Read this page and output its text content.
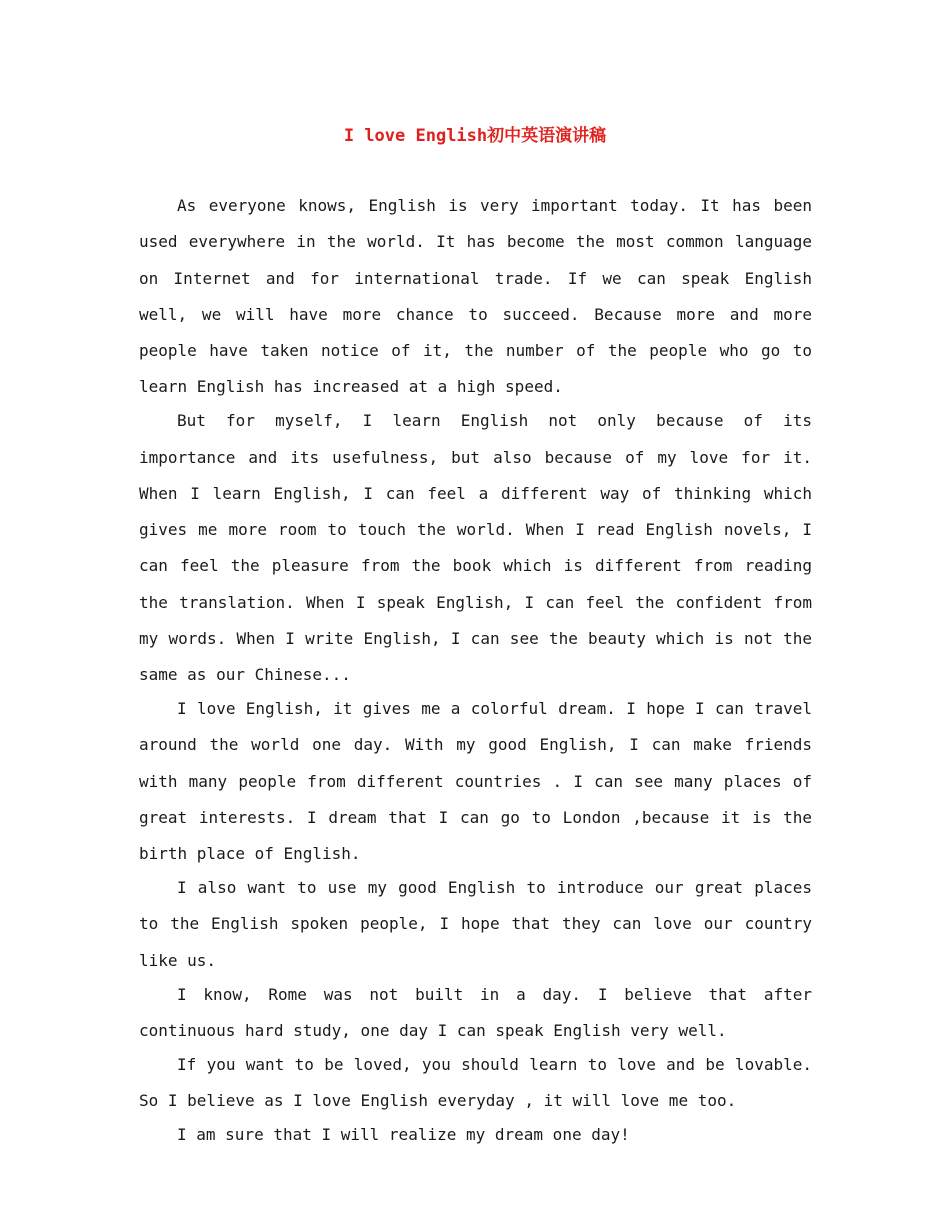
I love English初中英语演讲稿

As everyone knows, English is very important today. It has been used everywhere in the world. It has become the most common language on Internet and for international trade. If we can speak English well, we will have more chance to succeed. Because more and more people have taken notice of it, the number of the people who go to learn English has increased at a high speed.

But for myself, I learn English not only because of its importance and its usefulness, but also because of my love for it. When I learn English, I can feel a different way of thinking which gives me more room to touch the world. When I read English novels, I can feel the pleasure from the book which is different from reading the translation. When I speak English, I can feel the confident from my words. When I write English, I can see the beauty which is not the same as our Chinese...

I love English, it gives me a colorful dream. I hope I can travel around the world one day. With my good English, I can make friends with many people from different countries . I can see many places of great interests. I dream that I can go to London ,because it is the birth place of English.

I also want to use my good English to introduce our great places to the English spoken people, I hope that they can love our country like us.

I know, Rome was not built in a day. I believe that after continuous hard study, one day I can speak English very well.

If you want to be loved, you should learn to love and be lovable. So I believe as I love English everyday , it will love me too.

I am sure that I will realize my dream one day!
